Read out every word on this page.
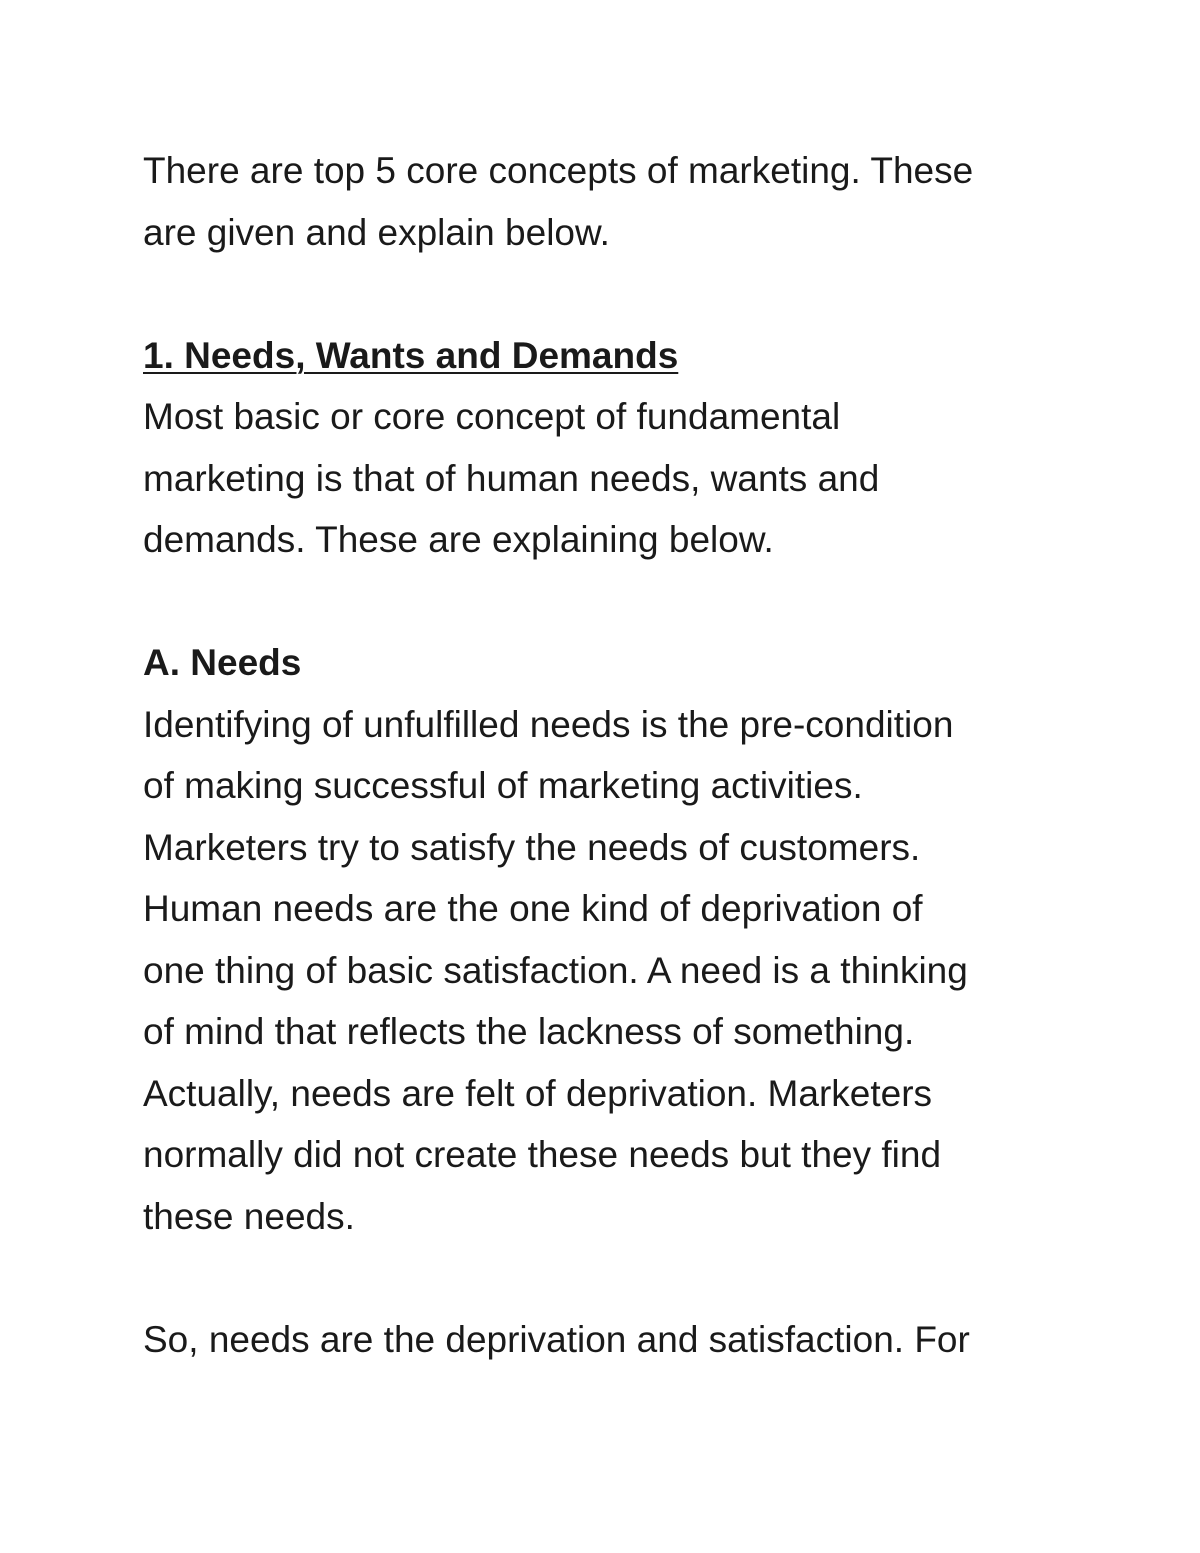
There are top 5 core concepts of marketing. These
are given and explain below.

1. Needs, Wants and Demands

Most basic or core concept of fundamental
marketing is that of human needs, wants and
demands. These are explaining below.

A. Needs

Identifying of unfulfilled needs is the pre-condition
of making successful of marketing activities.
Marketers try to satisfy the needs of customers.
Human needs are the one kind of deprivation of
one thing of basic satisfaction. A need is a thinking
of mind that reflects the lackness of something.
Actually, needs are felt of deprivation. Marketers
normally did not create these needs but they find
these needs.

So, needs are the deprivation and satisfaction. For
